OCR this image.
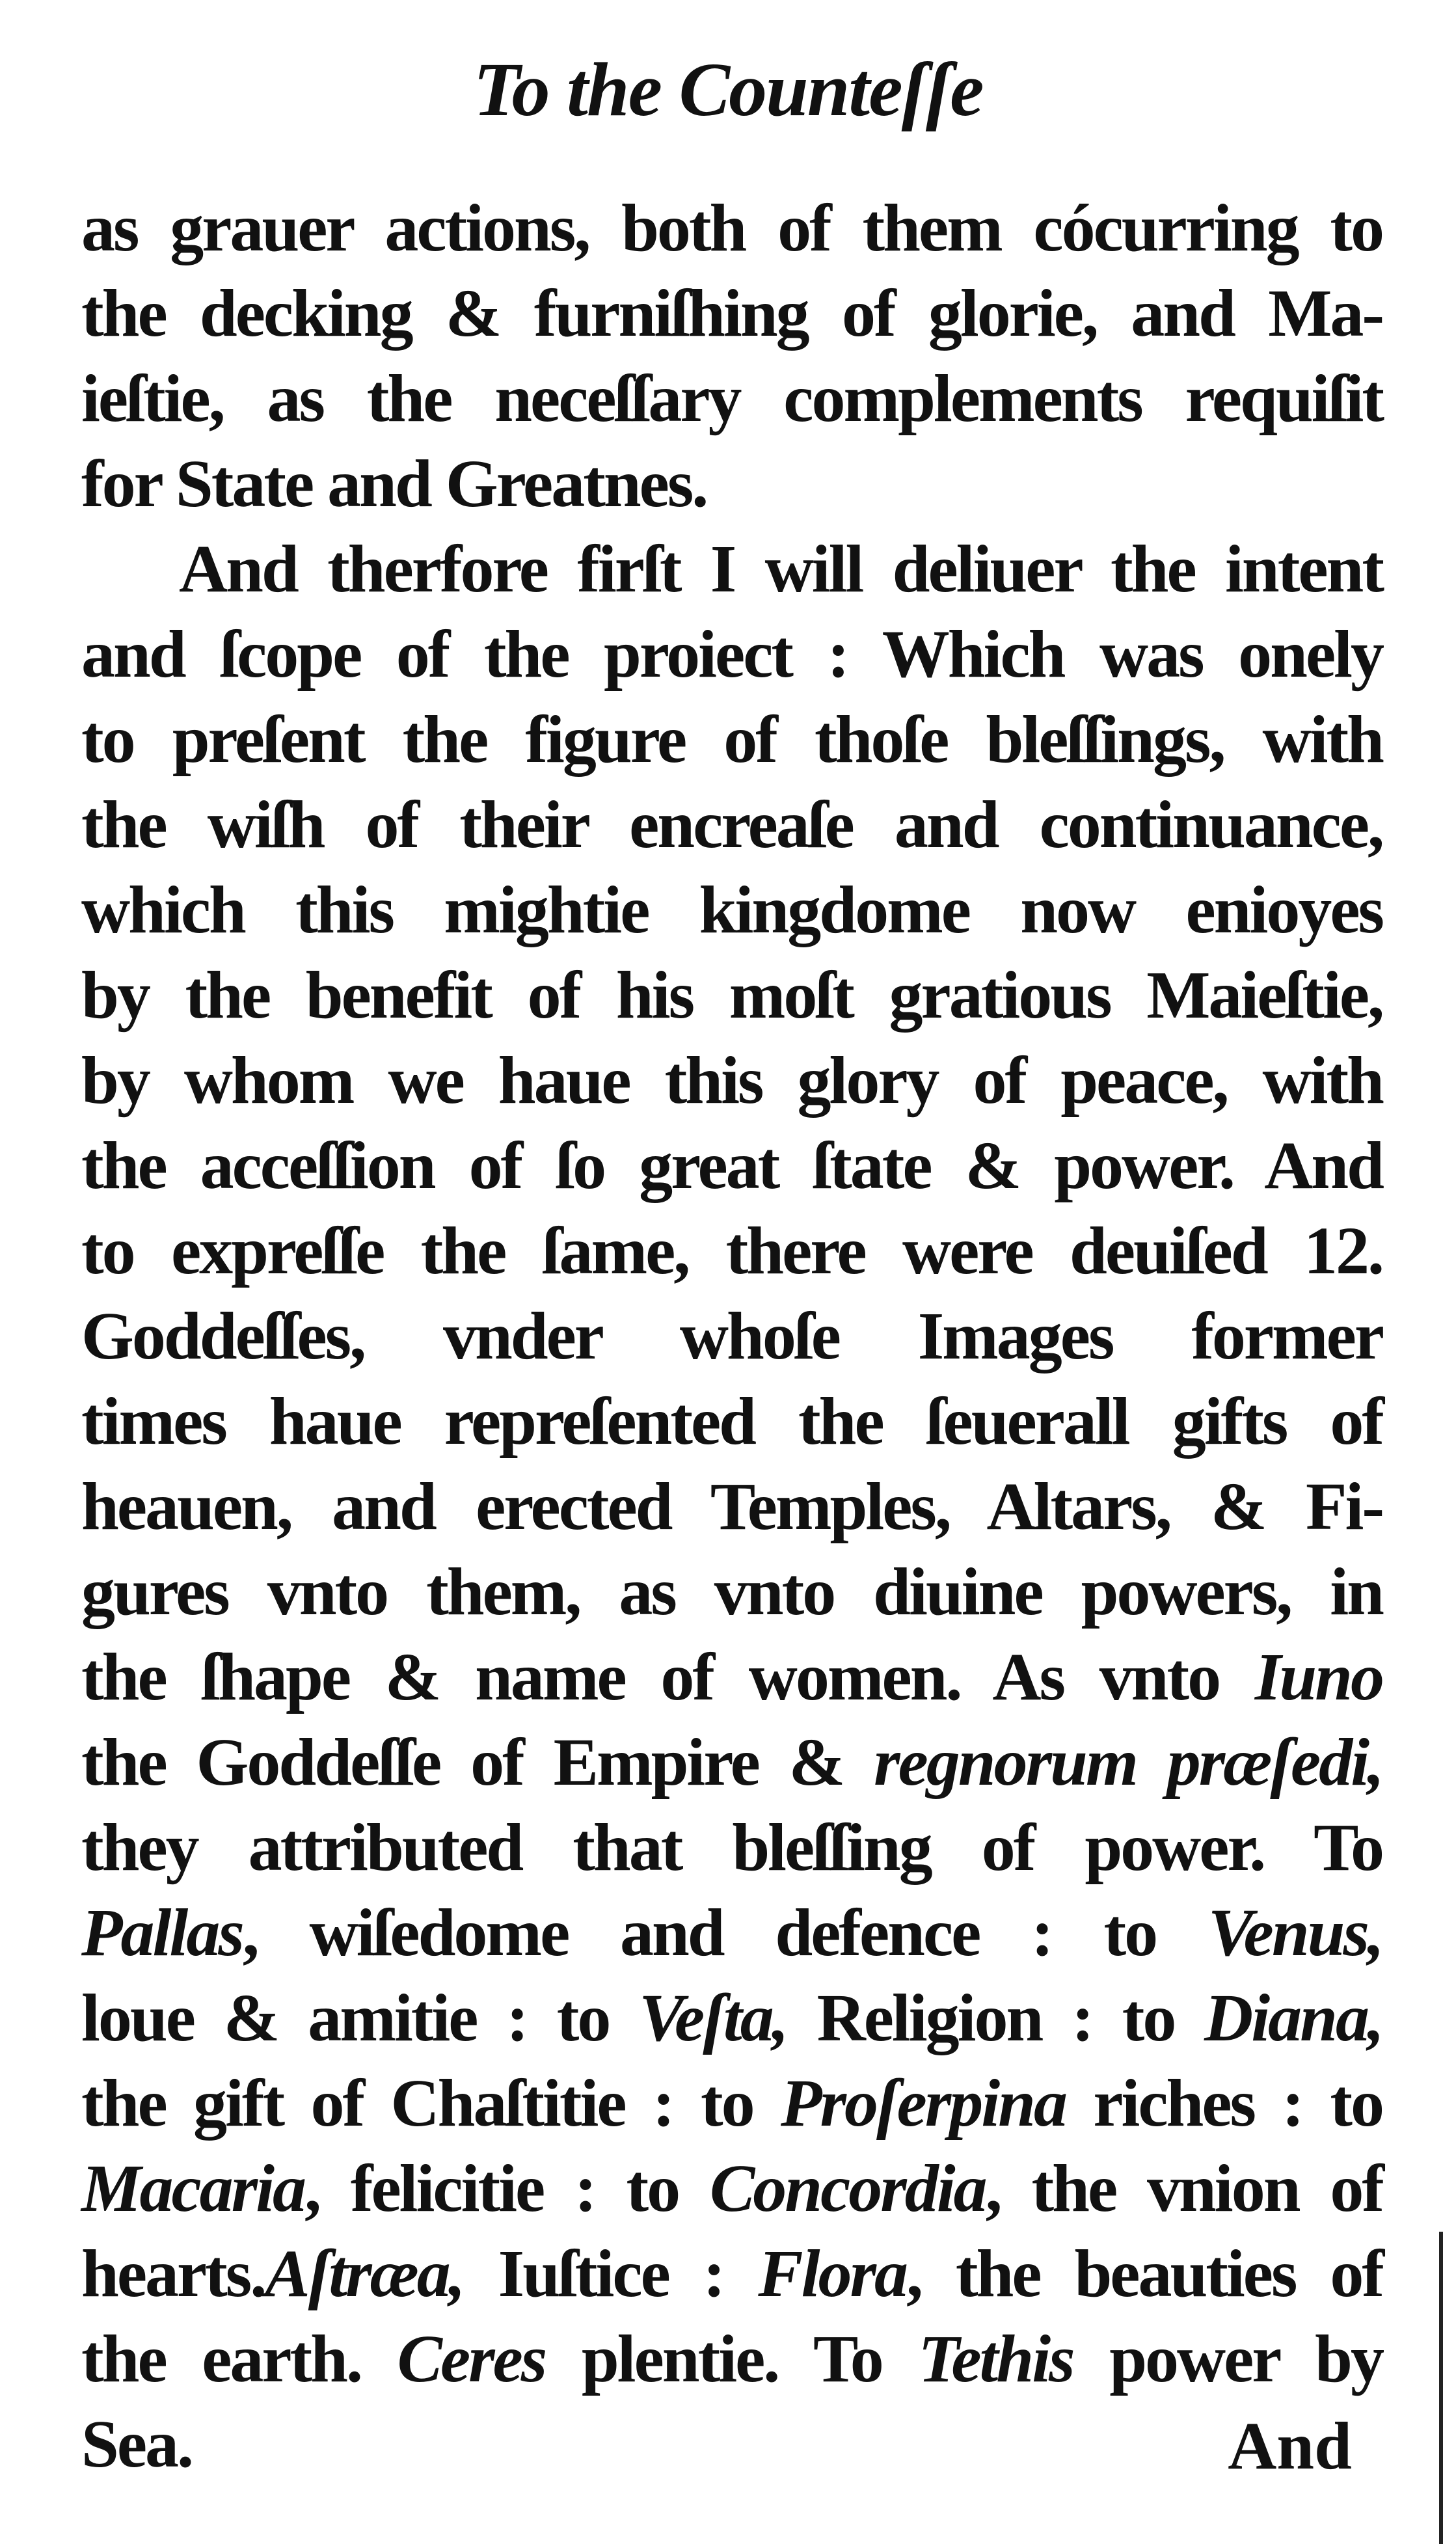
To the Counteſſe
as grauer actions, both of them cócurring to
the decking & furniſhing of glorie, and Ma-
ieſtie, as the neceſſary complements requiſit
for State and Greatnes.
And therfore firſt I will deliuer the intent
and ſcope of the proiect : Which was onely
to preſent the figure of thoſe bleſſings, with
the wiſh of their encreaſe and continuance,
which this mightie kingdome now enioyes
by the benefit of his moſt gratious Maieſtie,
by whom we haue this glory of peace, with
the acceſſion of ſo great ſtate & power. And
to expreſſe the ſame, there were deuiſed 12.
Goddeſſes, vnder whoſe Images former
times haue repreſented the ſeuerall gifts of
heauen, and erected Temples, Altars, & Fi-
gures vnto them, as vnto diuine powers, in
the ſhape & name of women. As vnto Iuno
the Goddeſſe of Empire & regnorum præſedi,
they attributed that bleſſing of power. To
Pallas, wiſedome and defence : to Venus,
loue & amitie : to Veſta, Religion : to Diana,
the gift of Chaſtitie : to Proſerpina riches : to
Macaria, felicitie : to Concordia, the vnion of
hearts.Aſtræa, Iuſtice : Flora, the beauties of
the earth. Ceres plentie. To Tethis power by
Sea.	And
